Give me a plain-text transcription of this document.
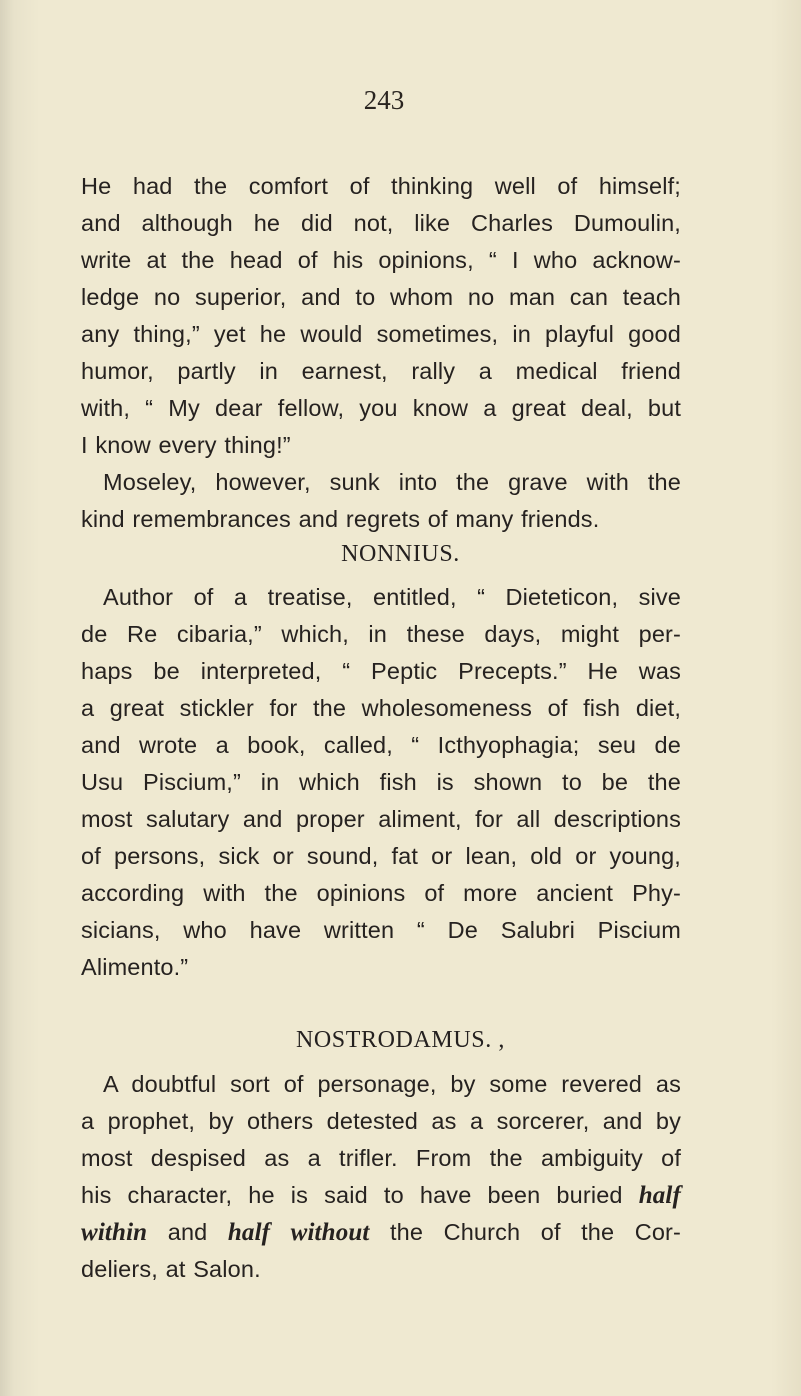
243
He had the comfort of thinking well of himself;
and although he did not, like Charles Dumoulin,
write at the head of his opinions, “ I who acknow-
ledge no superior, and to whom no man can teach
any thing,” yet he would sometimes, in playful good
humor, partly in earnest, rally a medical friend
with, “ My dear fellow, you know a great deal, but
I know every thing!”
Moseley, however, sunk into the grave with the
kind remembrances and regrets of many friends.
NONNIUS.
Author of a treatise, entitled, “ Dieteticon, sive
de Re cibaria,” which, in these days, might per-
haps be interpreted, “ Peptic Precepts.” He was
a great stickler for the wholesomeness of fish diet,
and wrote a book, called, “ Icthyophagia; seu de
Usu Piscium,” in which fish is shown to be the
most salutary and proper aliment, for all descriptions
of persons, sick or sound, fat or lean, old or young,
according with the opinions of more ancient Phy-
sicians, who have written “ De Salubri Piscium
Alimento.”
NOSTRODAMUS. ,
A doubtful sort of personage, by some revered as
a prophet, by others detested as a sorcerer, and by
most despised as a trifler. From the ambiguity of
his character, he is said to have been buried half
within and half without the Church of the Cor-
deliers, at Salon.
